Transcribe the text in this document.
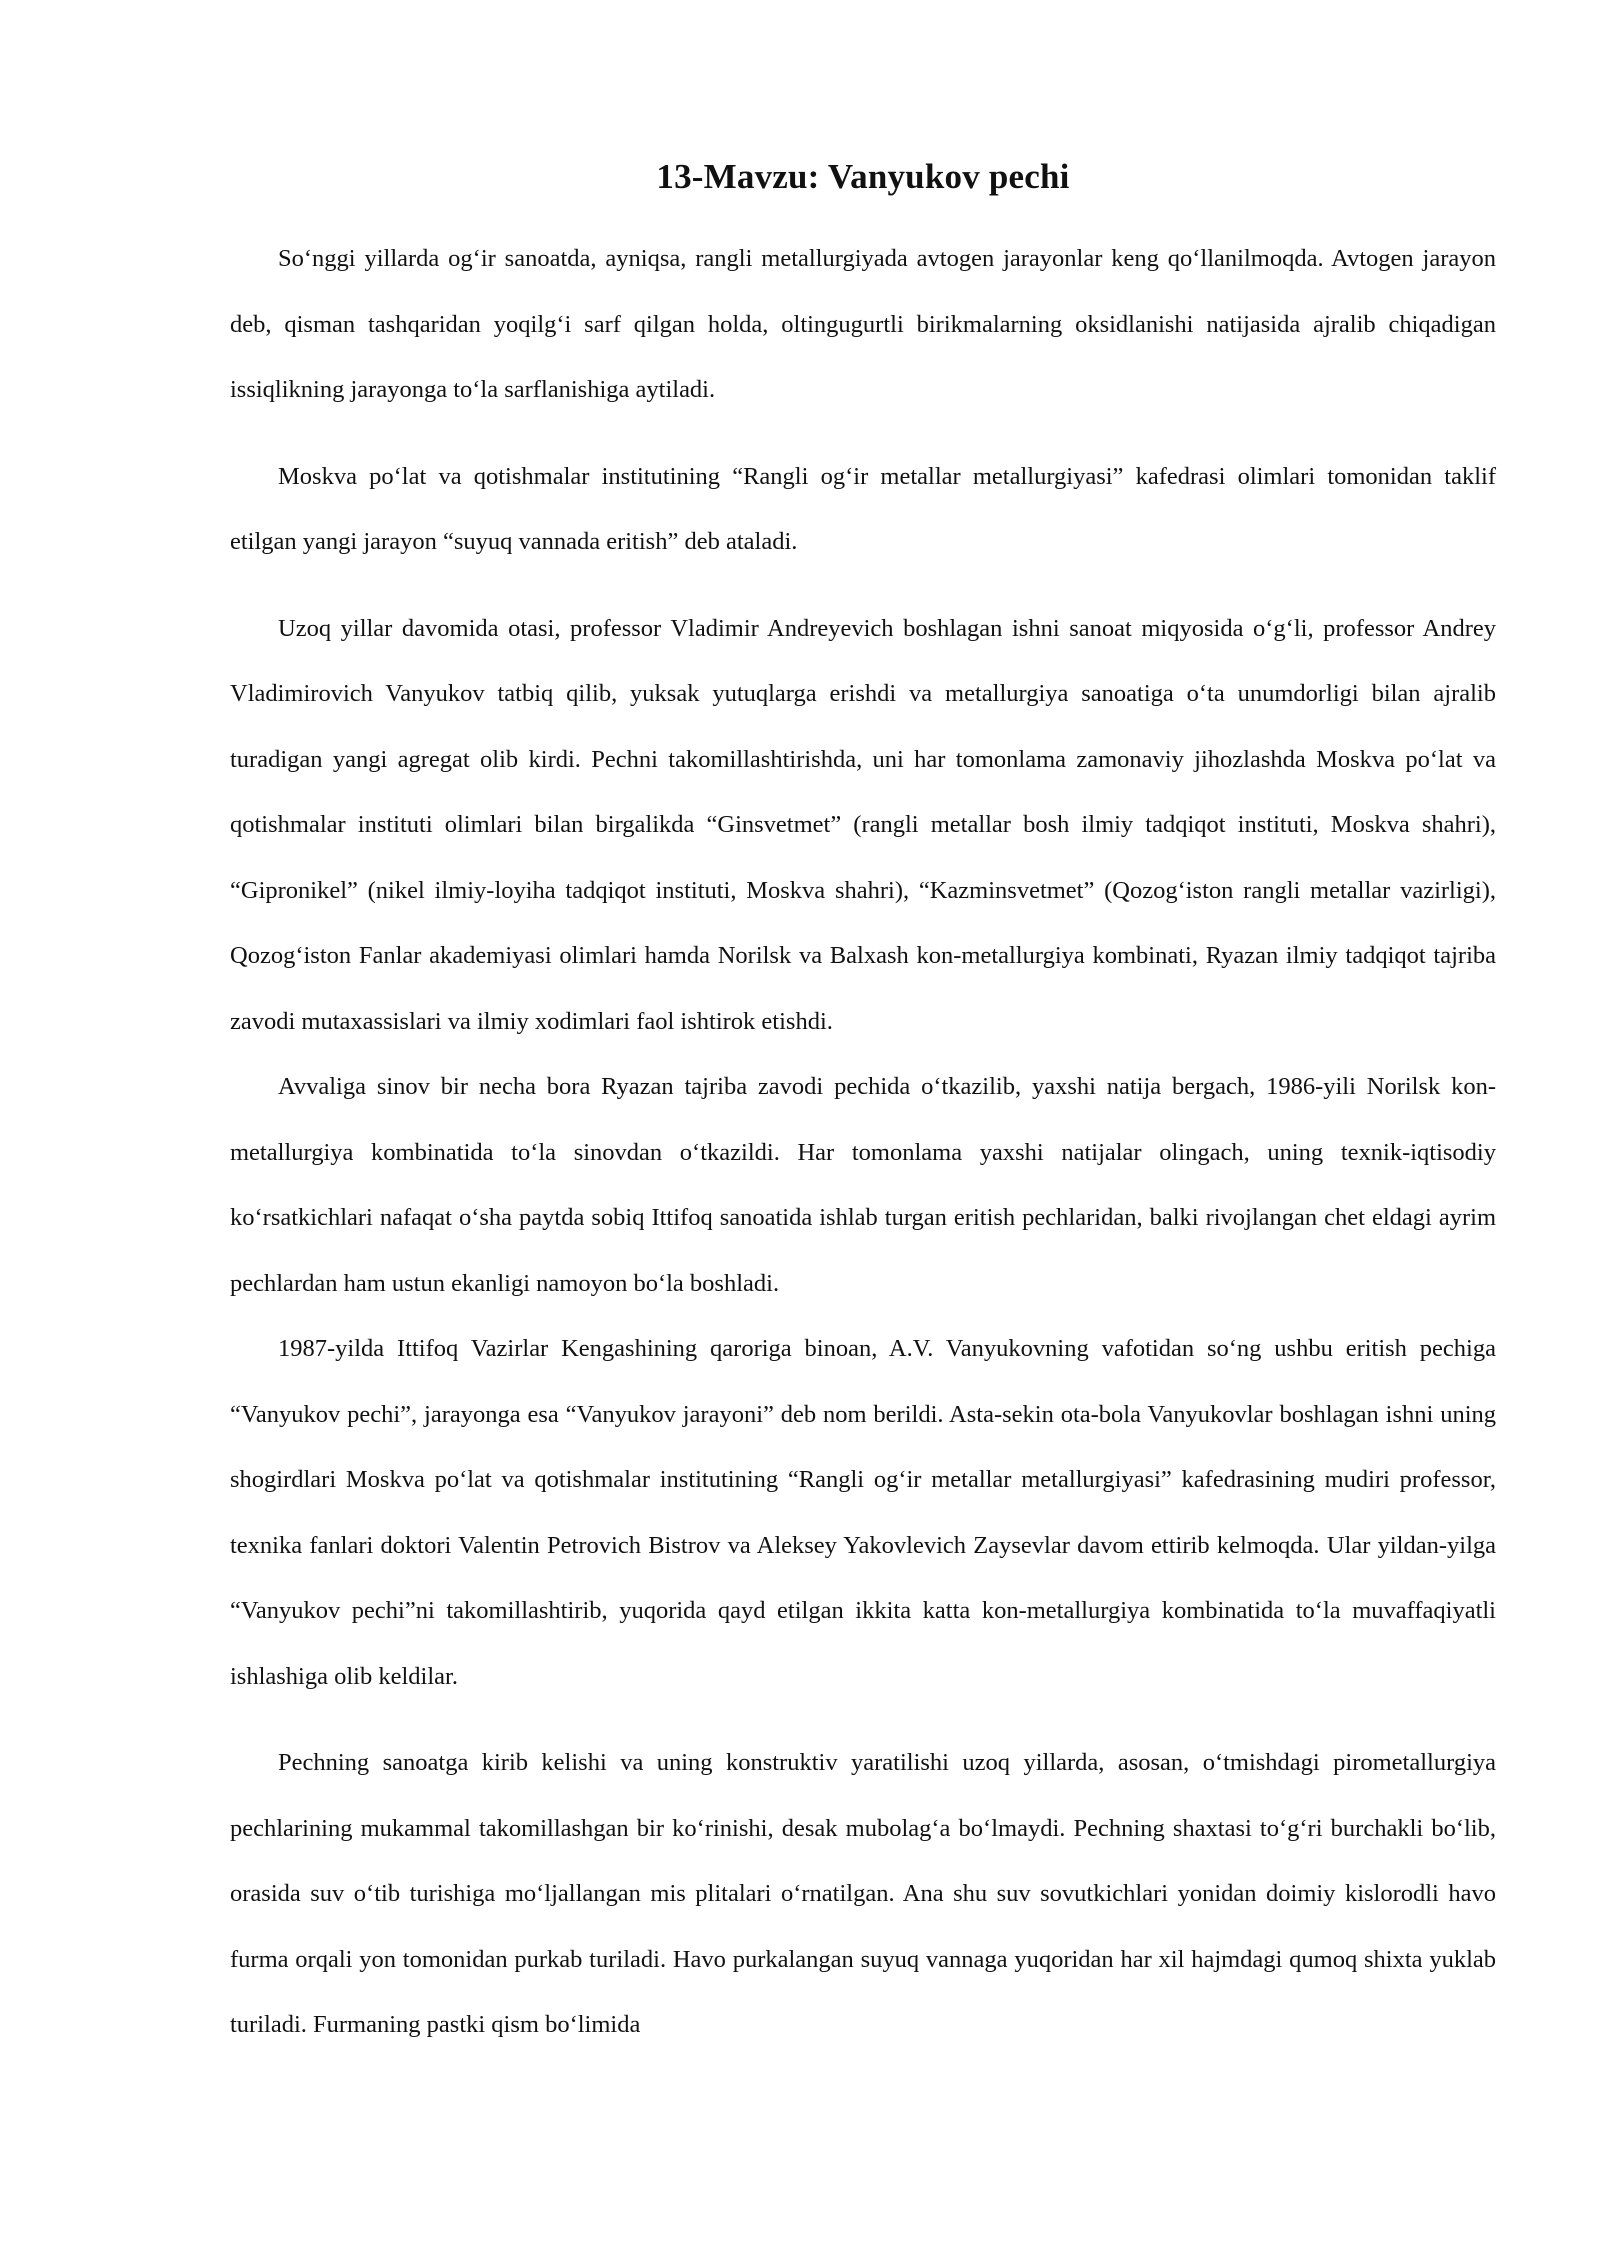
13-Mavzu: Vanyukov pechi

So‘nggi yillarda og‘ir sanoatda, ayniqsa, rangli metallurgiyada avtogen jarayonlar keng qo‘llanilmoqda. Avtogen jarayon deb, qisman tashqaridan yoqilg‘i sarf qilgan holda, oltingugurtli birikmalarning oksidlanishi natijasida ajralib chiqadigan issiqlikning jarayonga to‘la sarflanishiga aytiladi.

Moskva po‘lat va qotishmalar institutining “Rangli og‘ir metallar metallurgiyasi” kafedrasi olimlari tomonidan taklif etilgan yangi jarayon “suyuq vannada eritish” deb ataladi.

Uzoq yillar davomida otasi, professor Vladimir Andreyevich boshlagan ishni sanoat miqyosida o‘g‘li, professor Andrey Vladimirovich Vanyukov tatbiq qilib, yuksak yutuqlarga erishdi va metallurgiya sanoatiga o‘ta unumdorligi bilan ajralib turadigan yangi agregat olib kirdi. Pechni takomillashtirishda, uni har tomonlama zamonaviy jihozlashda Moskva po‘lat va qotishmalar instituti olimlari bilan birgalikda “Ginsvetmet” (rangli metallar bosh ilmiy tadqiqot instituti, Moskva shahri), “Gipronikel” (nikel ilmiy-loyiha tadqiqot instituti, Moskva shahri), “Kazminsvetmet” (Qozog‘iston rangli metallar vazirligi), Qozog‘iston Fanlar akademiyasi olimlari hamda Norilsk va Balxash kon-metallurgiya kombinati, Ryazan ilmiy tadqiqot tajriba zavodi mutaxassislari va ilmiy xodimlari faol ishtirok etishdi.

Avvaliga sinov bir necha bora Ryazan tajriba zavodi pechida o‘tkazilib, yaxshi natija bergach, 1986-yili Norilsk kon-metallurgiya kombinatida to‘la sinovdan o‘tkazildi. Har tomonlama yaxshi natijalar olingach, uning texnik-iqtisodiy ko‘rsatkichlari nafaqat o‘sha paytda sobiq Ittifoq sanoatida ishlab turgan eritish pechlaridan, balki rivojlangan chet eldagi ayrim pechlardan ham ustun ekanligi namoyon bo‘la boshladi.

1987-yilda Ittifoq Vazirlar Kengashining qaroriga binoan, A.V. Vanyukovning vafotidan so‘ng ushbu eritish pechiga “Vanyukov pechi”, jarayonga esa “Vanyukov jarayoni” deb nom berildi. Asta-sekin ota-bola Vanyukovlar boshlagan ishni uning shogirdlari Moskva po‘lat va qotishmalar institutining “Rangli og‘ir metallar metallurgiyasi” kafedrasining mudiri professor, texnika fanlari doktori Valentin Petrovich Bistrov va Aleksey Yakovlevich Zaysevlar davom ettirib kelmoqda. Ular yildan-yilga “Vanyukov pechi”ni takomillashtirib, yuqorida qayd etilgan ikkita katta kon-metallurgiya kombinatida to‘la muvaffaqiyatli ishlashiga olib keldilar.

Pechning sanoatga kirib kelishi va uning konstruktiv yaratilishi uzoq yillarda, asosan, o‘tmishdagi pirometallurgiya pechlarining mukammal takomillashgan bir ko‘rinishi, desak mubolag‘a bo‘lmaydi. Pechning shaxtasi to‘g‘ri burchakli bo‘lib, orasida suv o‘tib turishiga mo‘ljallangan mis plitalari o‘rnatilgan. Ana shu suv sovutkichlari yonidan doimiy kislorodli havo furma orqali yon tomonidan purkab turiladi. Havo purkalangan suyuq vannaga yuqoridan har xil hajmdagi qumoq shixta yuklab turiladi. Furmaning pastki qism bo‘limida
